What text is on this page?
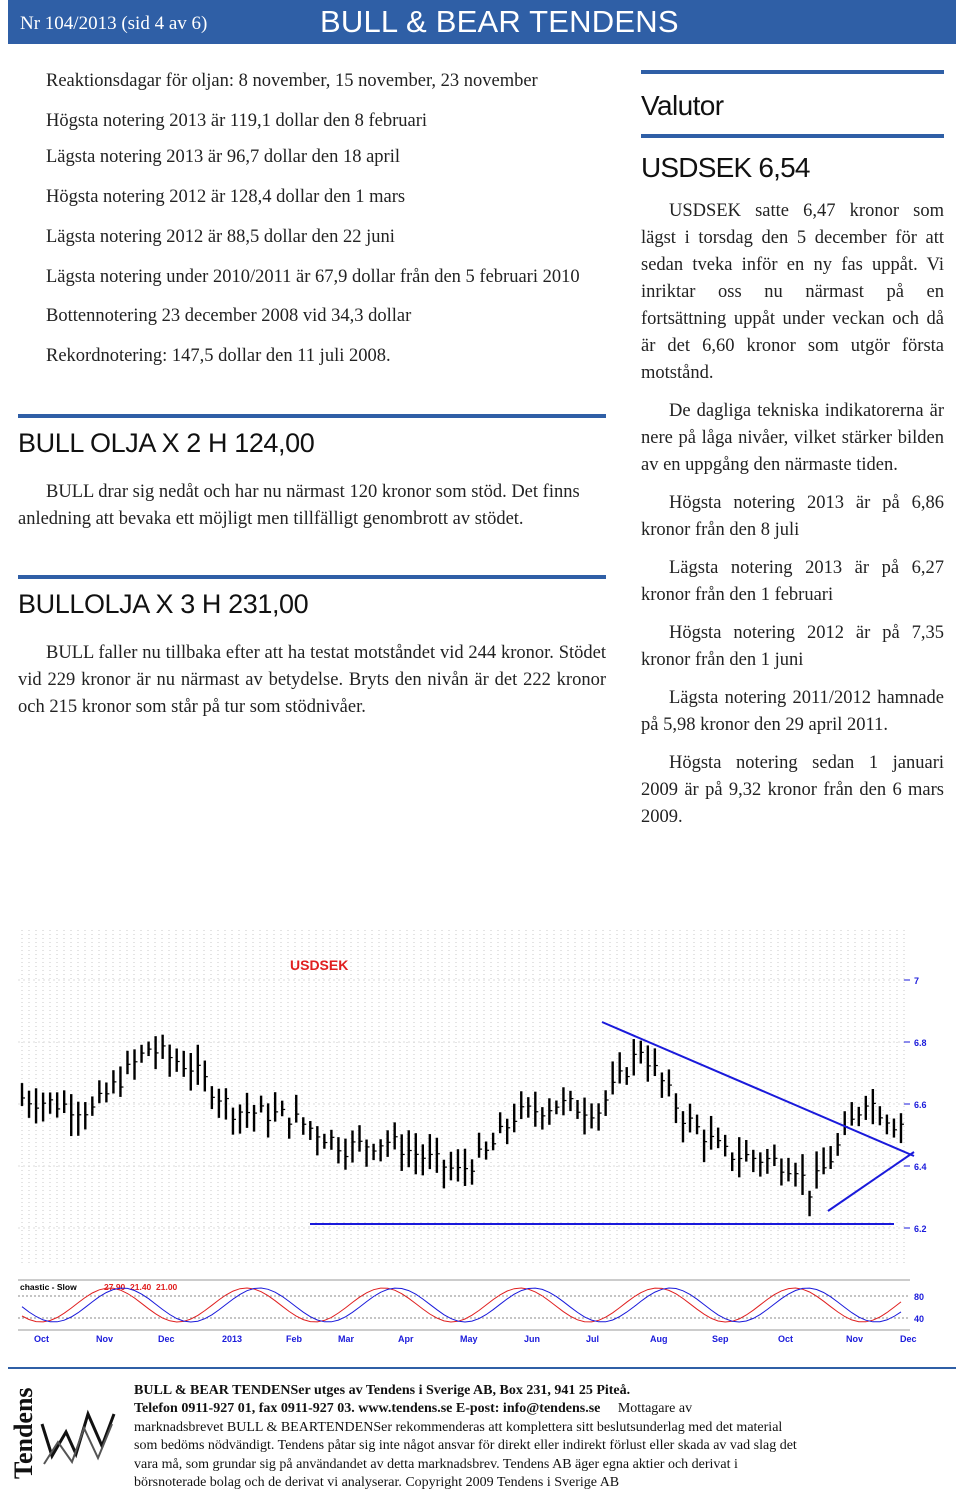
Nr 104/2013 (sid 4 av 6)	BULL & BEAR TENDENS

Reaktionsdagar för oljan: 8 november, 15 november, 23 november

Högsta notering 2013 är 119,1 dollar den 8 februari

Lägsta notering 2013 är 96,7 dollar den 18 april

Högsta notering 2012 är 128,4 dollar den 1 mars

Lägsta notering 2012 är 88,5 dollar den 22 juni

Lägsta notering under 2010/2011 är 67,9 dollar från den 5 februari 2010

Bottennotering 23 december 2008 vid 34,3 dollar

Rekordnotering: 147,5 dollar den 11 juli 2008.

BULL OLJA X 2 H 124,00

BULL drar sig nedåt och har nu närmast 120 kronor som stöd. Det finns anledning att bevaka ett möjligt men tillfälligt genombrott av stödet.

BULLOLJA X 3 H 231,00

BULL faller nu tillbaka efter att ha testat motståndet vid 244 kronor. Stödet vid 229 kronor är nu närmast av betydelse. Bryts den nivån är det 222 kronor och 215 kronor som står på tur som stödnivåer.

Valutor
USDSEK 6,54

USDSEK satte 6,47 kronor som lägst i torsdag den 5 december för att sedan tveka inför en ny fas uppåt. Vi inriktar oss nu närmast på en fortsättning uppåt under veckan och då är det 6,60 kronor som utgör första motstånd.

De dagliga tekniska indikatorerna är nere på låga nivåer, vilket stärker bilden av en uppgång den närmaste tiden.

Högsta notering 2013 är på 6,86 kronor från den 8 juli

Lägsta notering 2013 är på 6,27 kronor från den 1 februari

Högsta notering 2012 är på 7,35 kronor från den 1 juni

Lägsta notering 2011/2012 hamnade på 5,98 kronor den 29 april 2011.

Högsta notering sedan 1 januari 2009 är på 9,32 kronor från den 6 mars 2009.

USDSEK
7
6.8
6.6
6.4
6.2
chastic - Slow	27.90 21.40 21.00
80
40
Oct	Nov	Dec	2013	Feb	Mar	Apr	May	Jun	Jul	Aug	Sep	Oct	Nov	Dec
Tendens	BULL & BEAR TENDENSer utges av Tendens i Sverige AB, Box 231, 941 25 Piteå.
Telefon 0911-927 01, fax 0911-927 03. www.tendens.se E-post: info@tendens.se Mottagare av
marknadsbrevet BULL & BEARTENDENSer rekommenderas att komplettera sitt beslutsunderlag med det material
som bedöms nödvändigt. Tendens påtar sig inte något ansvar för direkt eller indirekt förlust eller skada av vad slag det
vara må, som grundar sig på användandet av detta marknadsbrev. Tendens AB äger egna aktier och derivat i
börsnoterade bolag och de derivat vi analyserar. Copyright 2009 Tendens i Sverige AB
